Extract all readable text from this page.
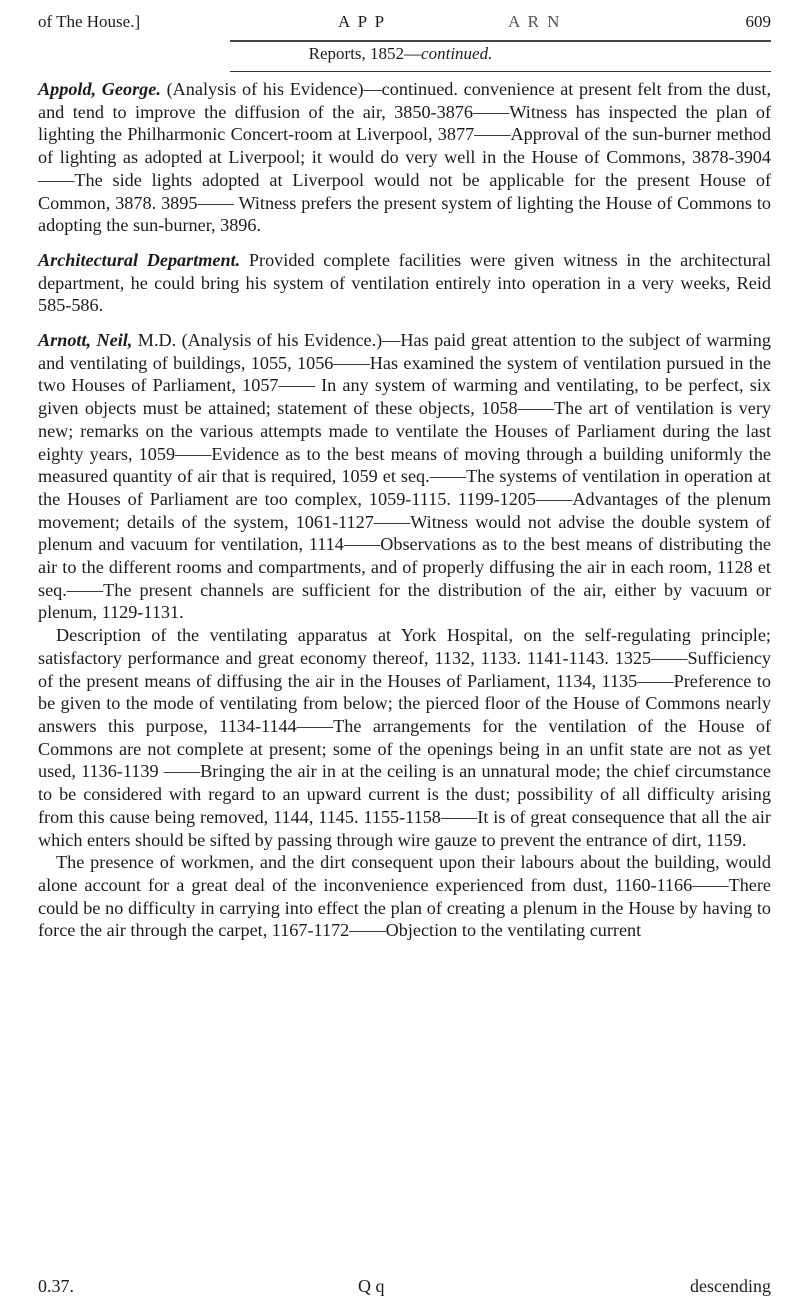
of The House.]	A P P	A R N	609
Reports, 1852—continued.

Appold, George. (Analysis of his Evidence)—continued. convenience at present felt from the dust, and tend to improve the diffusion of the air, 3850-3876——Witness has inspected the plan of lighting the Philharmonic Concert-room at Liverpool, 3877——Approval of the sun-burner method of lighting as adopted at Liverpool; it would do very well in the House of Commons, 3878-3904——The side lights adopted at Liverpool would not be applicable for the present House of Common, 3878. 3895—— Witness prefers the present system of lighting the House of Commons to adopting the sun-burner, 3896.

Architectural Department. Provided complete facilities were given witness in the architectural department, he could bring his system of ventilation entirely into operation in a very weeks, Reid 585-586.

Arnott, Neil, M.D. (Analysis of his Evidence.)—Has paid great attention to the subject of warming and ventilating of buildings, 1055, 1056——Has examined the system of ventilation pursued in the two Houses of Parliament, 1057—— In any system of warming and ventilating, to be perfect, six given objects must be attained; statement of these objects, 1058——The art of ventilation is very new; remarks on the various attempts made to ventilate the Houses of Parliament during the last eighty years, 1059——Evidence as to the best means of moving through a building uniformly the measured quantity of air that is required, 1059 et seq.——The systems of ventilation in operation at the Houses of Parliament are too complex, 1059-1115. 1199-1205——Advantages of the plenum movement; details of the system, 1061-1127——Witness would not advise the double system of plenum and vacuum for ventilation, 1114——Observations as to the best means of distributing the air to the different rooms and compartments, and of properly diffusing the air in each room, 1128 et seq.——The present channels are sufficient for the distribution of the air, either by vacuum or plenum, 1129-1131.

Description of the ventilating apparatus at York Hospital, on the self-regulating principle; satisfactory performance and great economy thereof, 1132, 1133. 1141-1143. 1325——Sufficiency of the present means of diffusing the air in the Houses of Parliament, 1134, 1135——Preference to be given to the mode of ventilating from below; the pierced floor of the House of Commons nearly answers this purpose, 1134-1144——The arrangements for the ventilation of the House of Commons are not complete at present; some of the openings being in an unfit state are not as yet used, 1136-1139 ——Bringing the air in at the ceiling is an unnatural mode; the chief circumstance to be considered with regard to an upward current is the dust; possibility of all difficulty arising from this cause being removed, 1144, 1145. 1155-1158——It is of great consequence that all the air which enters should be sifted by passing through wire gauze to prevent the entrance of dirt, 1159.

The presence of workmen, and the dirt consequent upon their labours about the building, would alone account for a great deal of the inconvenience experienced from dust, 1160-1166——There could be no difficulty in carrying into effect the plan of creating a plenum in the House by having to force the air through the carpet, 1167-1172——Objection to the ventilating current

0.37.	Q q	descending
